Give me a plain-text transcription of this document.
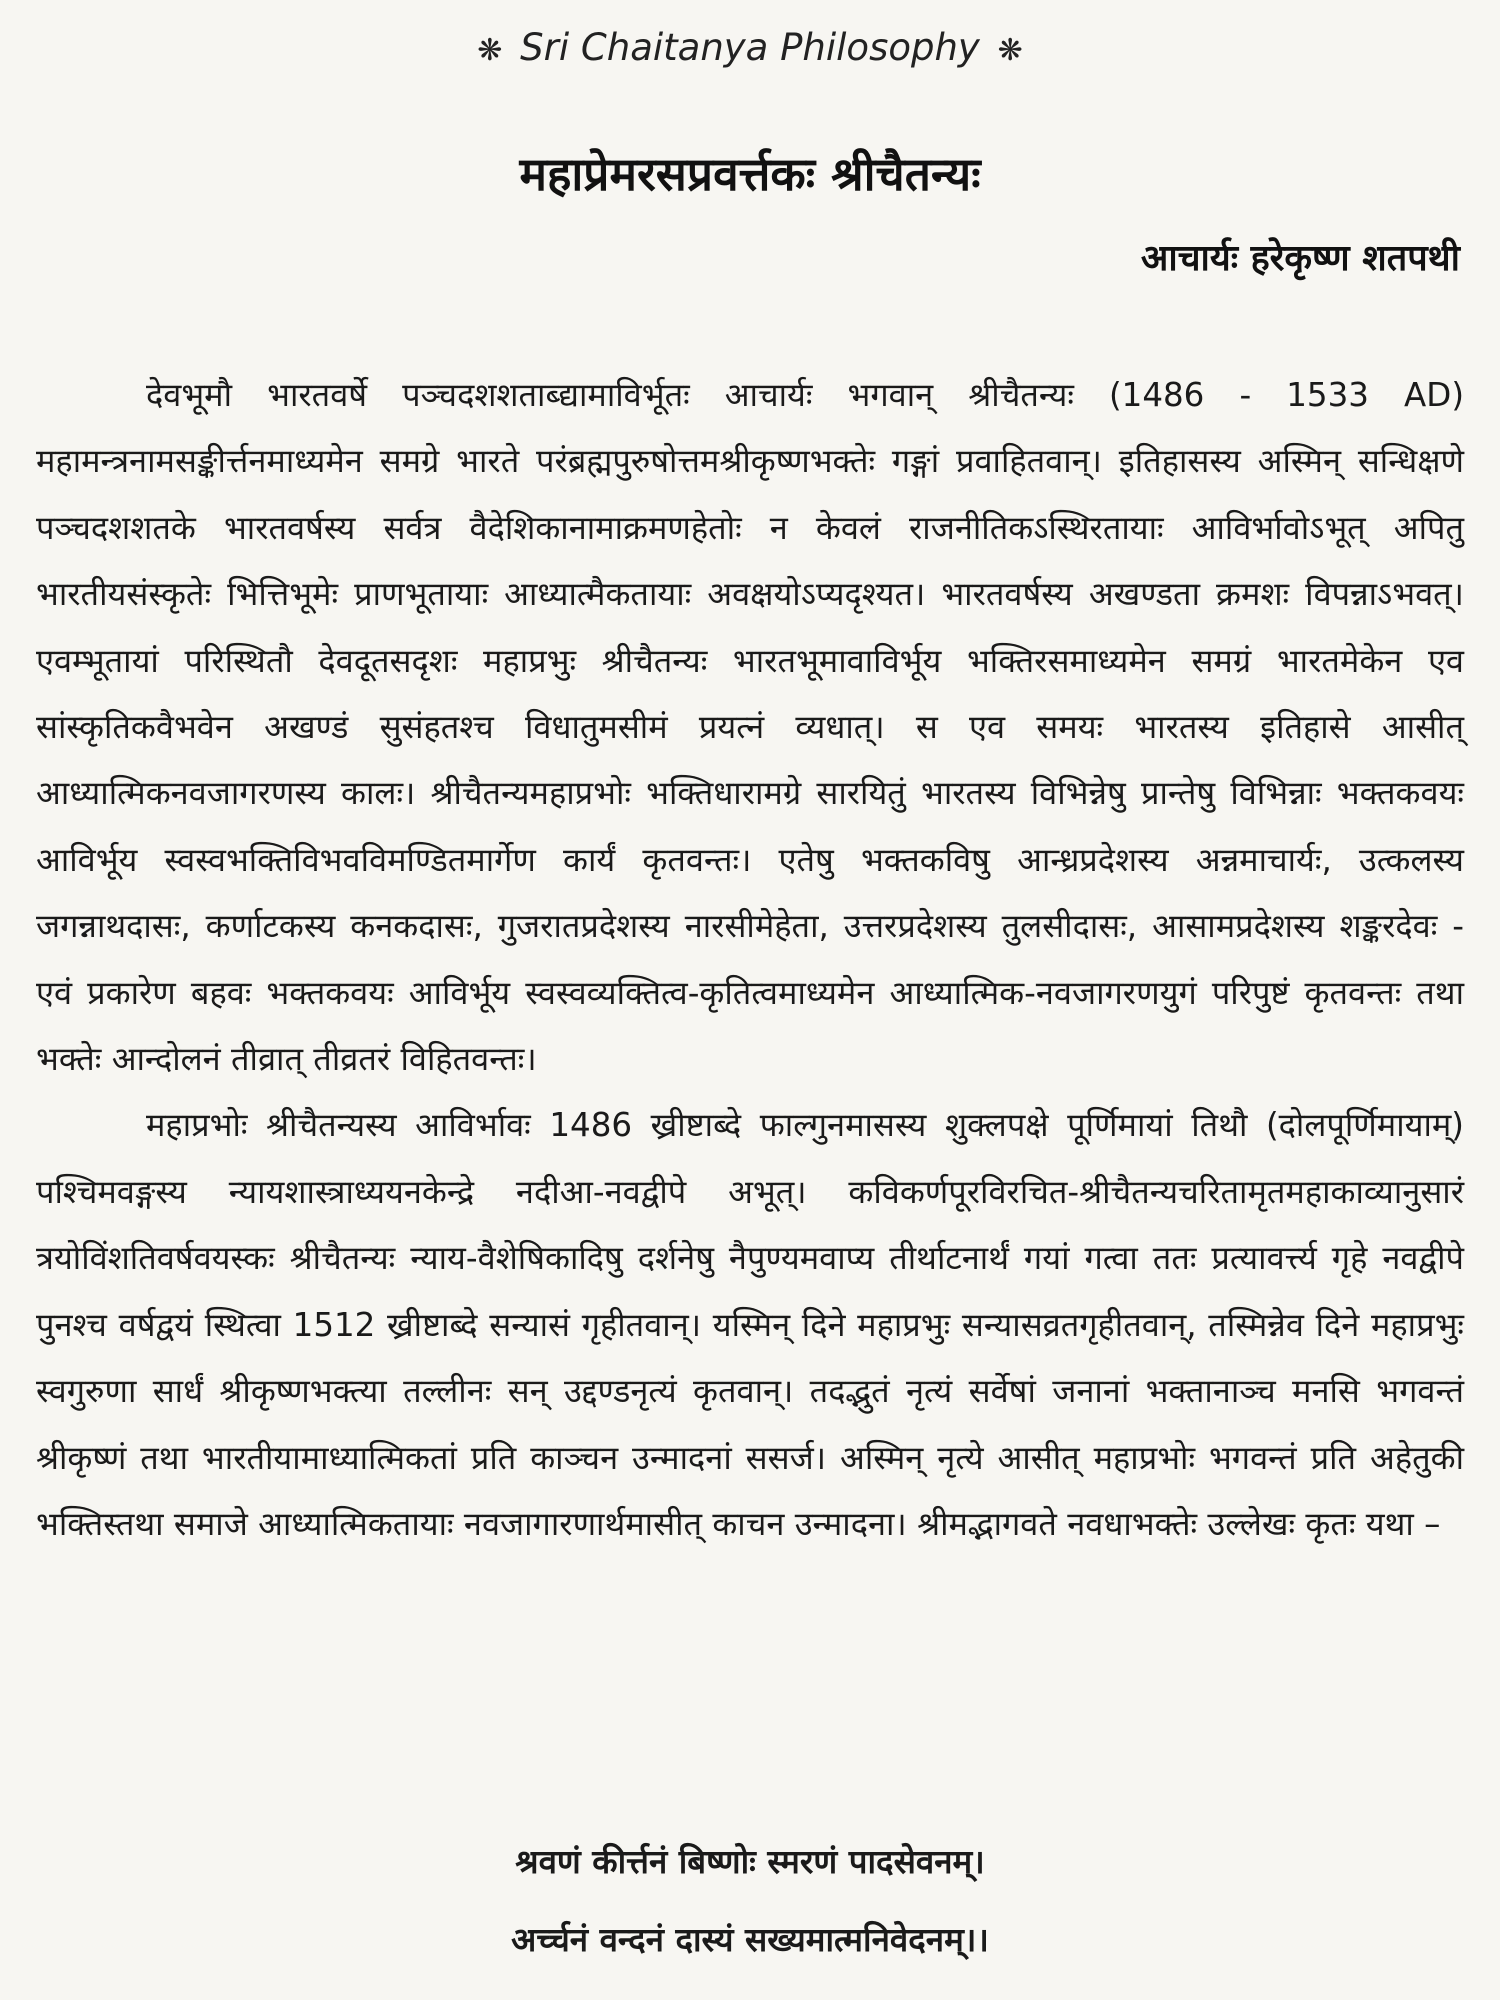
❋ Sri Chaitanya Philosophy ❋
महाप्रेमरसप्रवर्त्तकः श्रीचैतन्यः
आचार्यः हरेकृष्ण शतपथी

देवभूमौ भारतवर्षे पञ्चदशशताब्द्यामाविर्भूतः आचार्यः भगवान् श्रीचैतन्यः (1486 - 1533 AD) महामन्त्रनामसङ्कीर्त्तनमाध्यमेन समग्रे भारते परंब्रह्मपुरुषोत्तमश्रीकृष्णभक्तेः गङ्गां प्रवाहितवान्। इतिहासस्य अस्मिन् सन्धिक्षणे पञ्चदशशतके भारतवर्षस्य सर्वत्र वैदेशिकानामाक्रमणहेतोः न केवलं राजनीतिकऽस्थिरतायाः आविर्भावोऽभूत् अपितु भारतीयसंस्कृतेः भित्तिभूमेः प्राणभूतायाः आध्यात्मैकतायाः अवक्षयोऽप्यदृश्यत। भारतवर्षस्य अखण्डता क्रमशः विपन्नाऽभवत्। एवम्भूतायां परिस्थितौ देवदूतसदृशः महाप्रभुः श्रीचैतन्यः भारतभूमावाविर्भूय भक्तिरसमाध्यमेन समग्रं भारतमेकेन एव सांस्कृतिकवैभवेन अखण्डं सुसंहतश्च विधातुमसीमं प्रयत्नं व्यधात्। स एव समयः भारतस्य इतिहासे आसीत् आध्यात्मिकनवजागरणस्य कालः। श्रीचैतन्यमहाप्रभोः भक्तिधारामग्रे सारयितुं भारतस्य विभिन्नेषु प्रान्तेषु विभिन्नाः भक्तकवयः आविर्भूय स्वस्वभक्तिविभवविमण्डितमार्गेण कार्यं कृतवन्तः। एतेषु भक्तकविषु आन्ध्रप्रदेशस्य अन्नमाचार्यः, उत्कलस्य जगन्नाथदासः, कर्णाटकस्य कनकदासः, गुजरातप्रदेशस्य नारसीमेहेता, उत्तरप्रदेशस्य तुलसीदासः, आसामप्रदेशस्य शङ्करदेवः - एवं प्रकारेण बहवः भक्तकवयः आविर्भूय स्वस्वव्यक्तित्व-कृतित्वमाध्यमेन आध्यात्मिक-नवजागरणयुगं परिपुष्टं कृतवन्तः तथा भक्तेः आन्दोलनं तीव्रात् तीव्रतरं विहितवन्तः।

महाप्रभोः श्रीचैतन्यस्य आविर्भावः 1486 ख्रीष्टाब्दे फाल्गुनमासस्य शुक्लपक्षे पूर्णिमायां तिथौ (दोलपूर्णिमायाम्) पश्चिमवङ्गस्य न्यायशास्त्राध्ययनकेन्द्रे नदीआ-नवद्वीपे अभूत्। कविकर्णपूरविरचित-श्रीचैतन्यचरितामृतमहाकाव्यानुसारं त्रयोविंशतिवर्षवयस्कः श्रीचैतन्यः न्याय-वैशेषिकादिषु दर्शनेषु नैपुण्यमवाप्य तीर्थाटनार्थं गयां गत्वा ततः प्रत्यावर्त्त्य गृहे नवद्वीपे पुनश्च वर्षद्वयं स्थित्वा 1512 ख्रीष्टाब्दे सन्यासं गृहीतवान्। यस्मिन् दिने महाप्रभुः सन्यासव्रतगृहीतवान्, तस्मिन्नेव दिने महाप्रभुः स्वगुरुणा सार्धं श्रीकृष्णभक्त्या तल्लीनः सन् उद्दण्डनृत्यं कृतवान्। तदद्भुतं नृत्यं सर्वेषां जनानां भक्तानाञ्च मनसि भगवन्तं श्रीकृष्णं तथा भारतीयामाध्यात्मिकतां प्रति काञ्चन उन्मादनां ससर्ज। अस्मिन् नृत्ये आसीत् महाप्रभोः भगवन्तं प्रति अहेतुकी भक्तिस्तथा समाजे आध्यात्मिकतायाः नवजागारणार्थमासीत् काचन उन्मादना। श्रीमद्भागवते नवधाभक्तेः उल्लेखः कृतः यथा –

श्रवणं कीर्त्तनं बिष्णोः स्मरणं पादसेवनम्।
अर्च्चनं वन्दनं दास्यं सख्यमात्मनिवेदनम्।।
